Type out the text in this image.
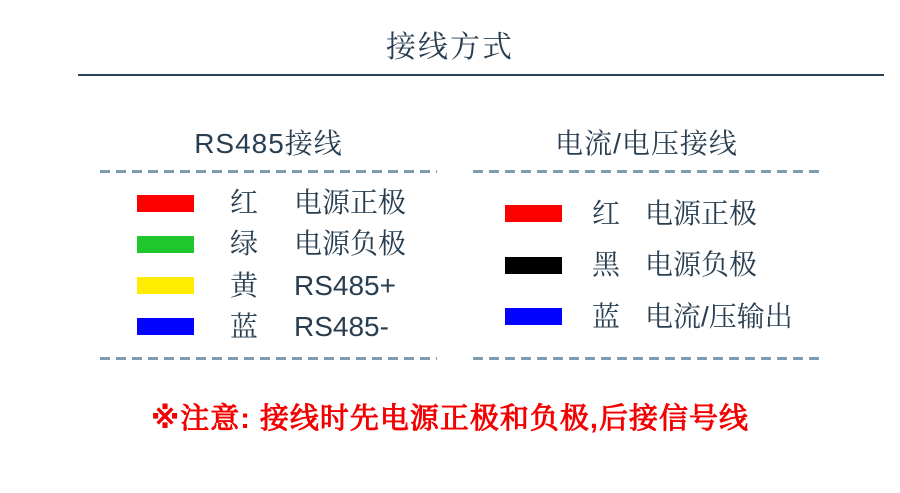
接线方式
RS485接线
红 电源正极
绿 电源负极
黄 RS485+
蓝 RS485-
电流/电压接线
红 电源正极
黑 电源负极
蓝 电流/压输出
※注意: 接线时先电源正极和负极,后接信号线
